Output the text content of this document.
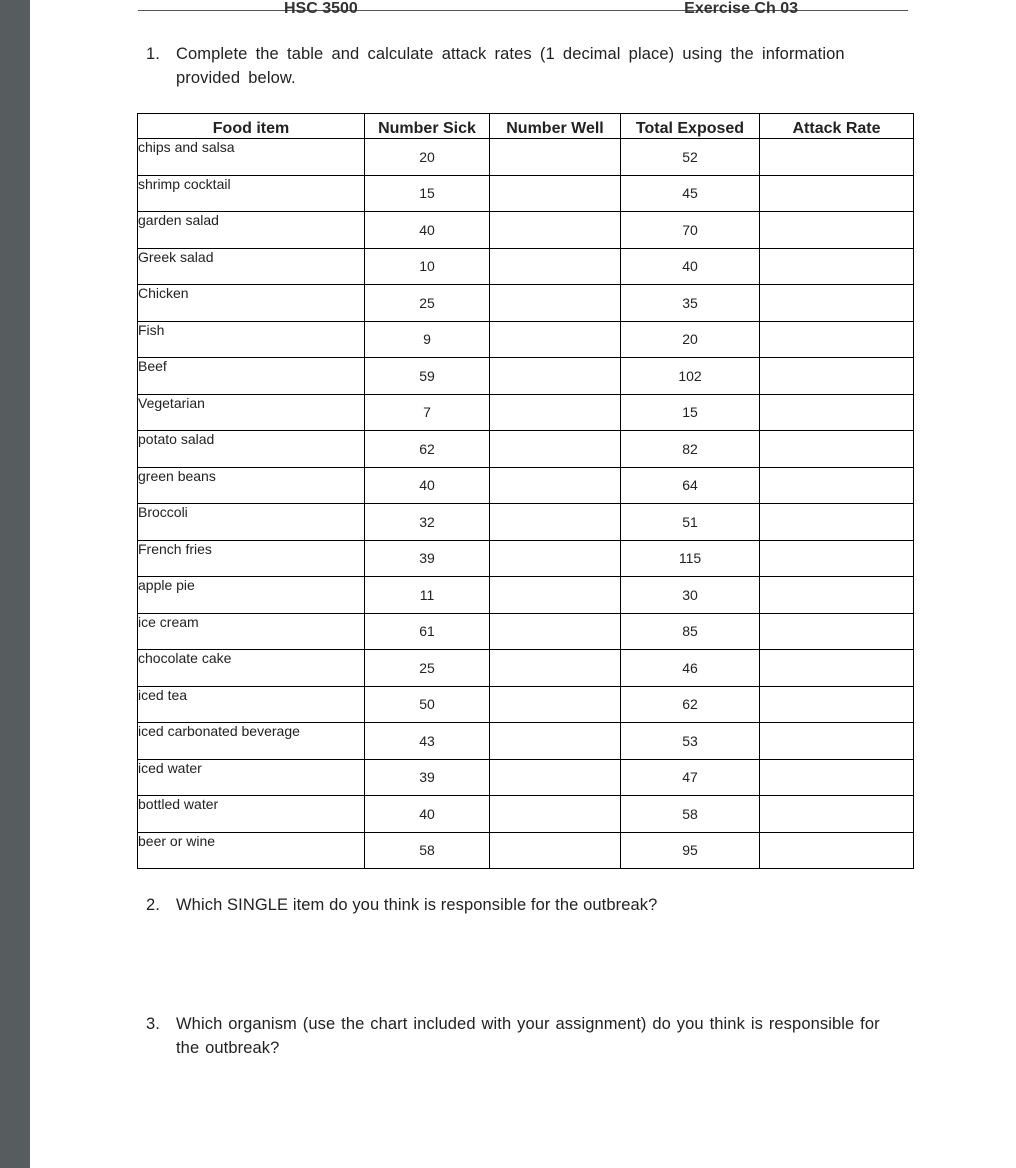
HSC 3500	Exercise Ch 03
1. Complete the table and calculate attack rates (1 decimal place) using the information provided below.
Food item	Number Sick	Number Well	Total Exposed	Attack Rate
chips and salsa	20		52	
shrimp cocktail	15		45	
garden salad	40		70	
Greek salad	10		40	
Chicken	25		35	
Fish	9		20	
Beef	59		102	
Vegetarian	7		15	
potato salad	62		82	
green beans	40		64	
Broccoli	32		51	
French fries	39		115	
apple pie	11		30	
ice cream	61		85	
chocolate cake	25		46	
iced tea	50		62	
iced carbonated beverage	43		53	
iced water	39		47	
bottled water	40		58	
beer or wine	58		95	
2. Which SINGLE item do you think is responsible for the outbreak?
3. Which organism (use the chart included with your assignment) do you think is responsible for the outbreak?
